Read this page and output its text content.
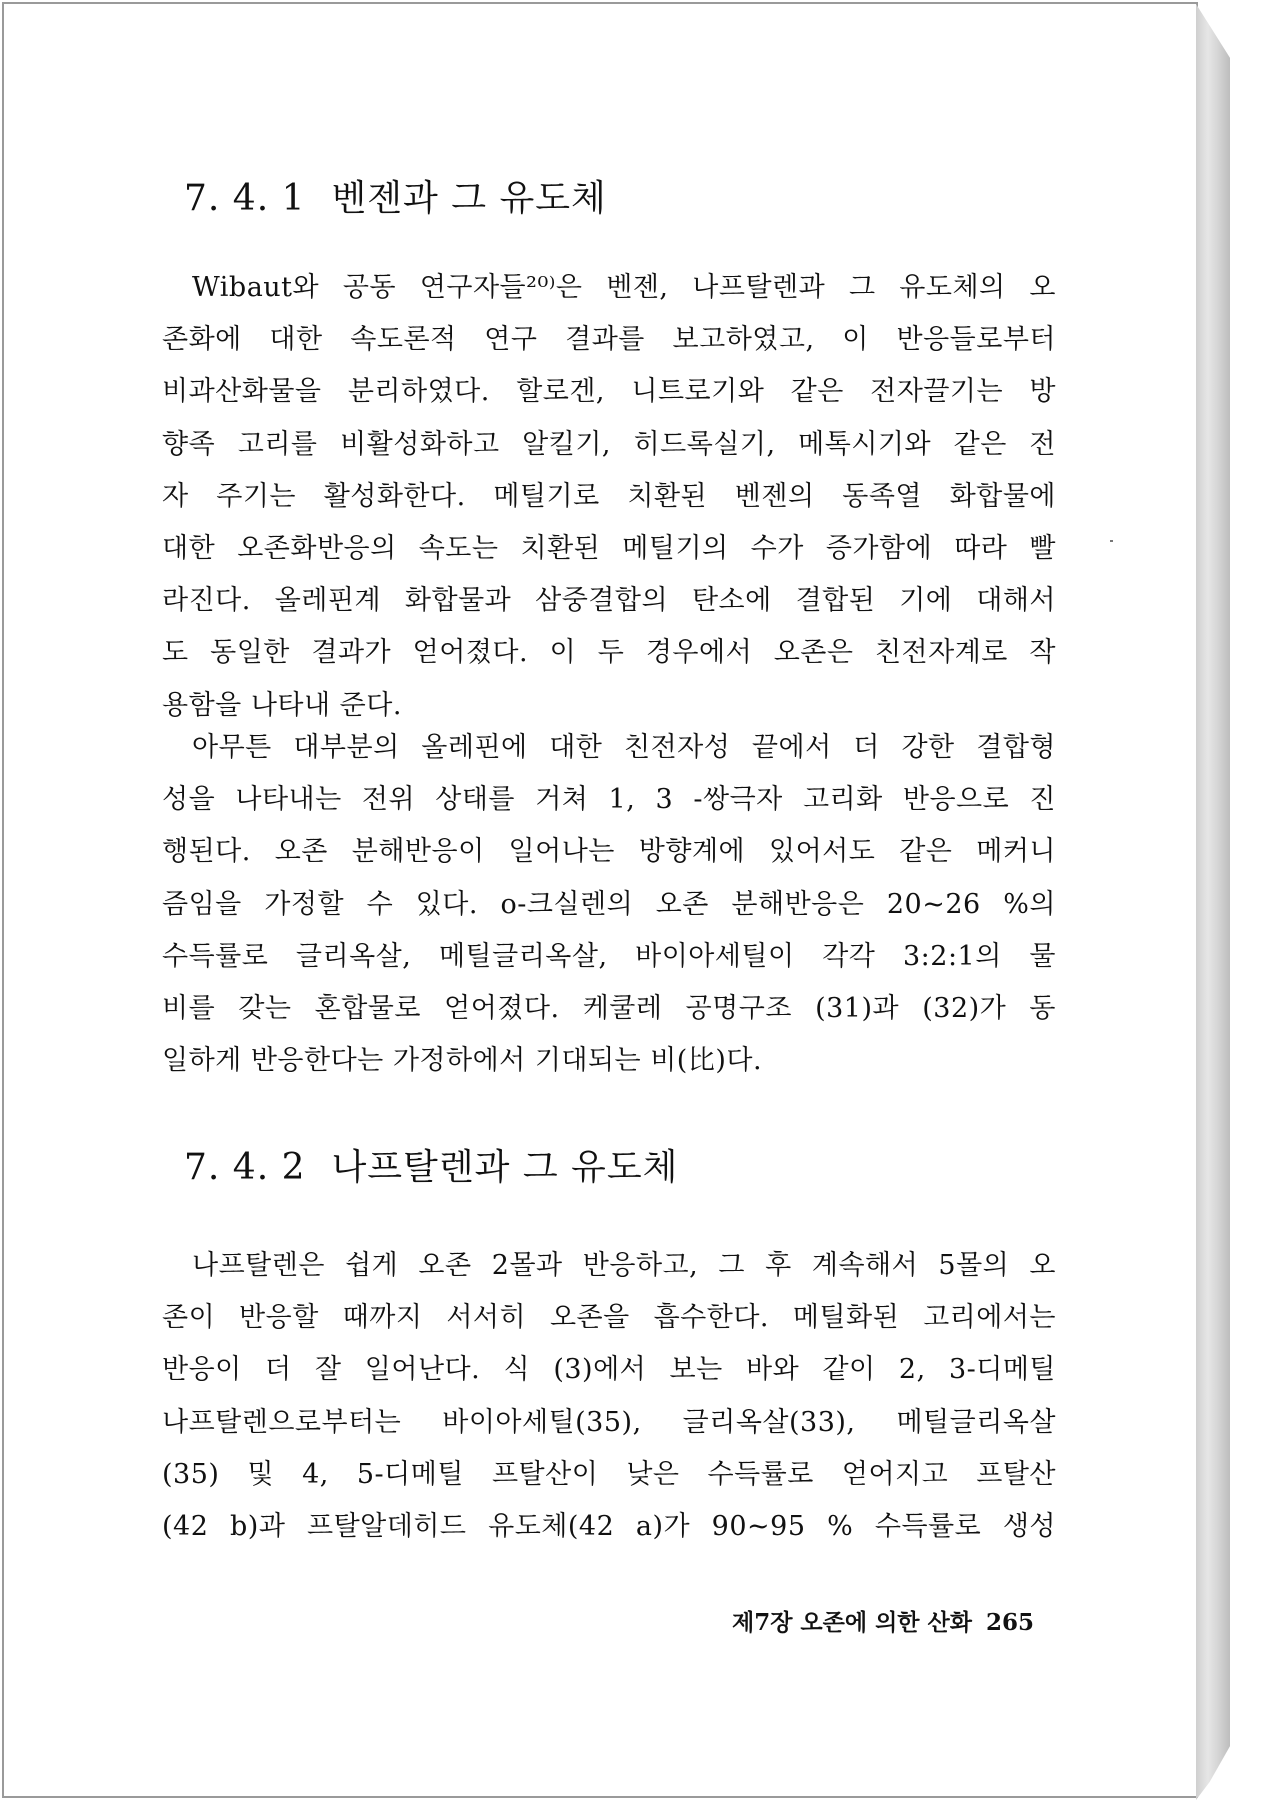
7. 4. 1 벤젠과 그 유도체
Wibaut와 공동 연구자들²⁰⁾은 벤젠, 나프탈렌과 그 유도체의 오
존화에 대한 속도론적 연구 결과를 보고하였고, 이 반응들로부터
비과산화물을 분리하였다. 할로겐, 니트로기와 같은 전자끌기는 방
향족 고리를 비활성화하고 알킬기, 히드록실기, 메톡시기와 같은 전
자 주기는 활성화한다. 메틸기로 치환된 벤젠의 동족열 화합물에
대한 오존화반응의 속도는 치환된 메틸기의 수가 증가함에 따라 빨
라진다. 올레핀계 화합물과 삼중결합의 탄소에 결합된 기에 대해서
도 동일한 결과가 얻어졌다. 이 두 경우에서 오존은 친전자계로 작
용함을 나타내 준다.
아무튼 대부분의 올레핀에 대한 친전자성 끝에서 더 강한 결합형
성을 나타내는 전위 상태를 거쳐 1, 3 -쌍극자 고리화 반응으로 진
행된다. 오존 분해반응이 일어나는 방향계에 있어서도 같은 메커니
즘임을 가정할 수 있다. o-크실렌의 오존 분해반응은 20~26 %의
수득률로 글리옥살, 메틸글리옥살, 바이아세틸이 각각 3:2:1의 물
비를 갖는 혼합물로 얻어졌다. 케쿨레 공명구조 (31)과 (32)가 동
일하게 반응한다는 가정하에서 기대되는 비(比)다.
7. 4. 2 나프탈렌과 그 유도체
나프탈렌은 쉽게 오존 2몰과 반응하고, 그 후 계속해서 5몰의 오
존이 반응할 때까지 서서히 오존을 흡수한다. 메틸화된 고리에서는
반응이 더 잘 일어난다. 식 (3)에서 보는 바와 같이 2, 3-디메틸
나프탈렌으로부터는 바이아세틸(35), 글리옥살(33), 메틸글리옥살
(35) 및 4, 5-디메틸 프탈산이 낮은 수득률로 얻어지고 프탈산
(42 b)과 프탈알데히드 유도체(42 a)가 90~95 % 수득률로 생성
제7장 오존에 의한 산화 265
